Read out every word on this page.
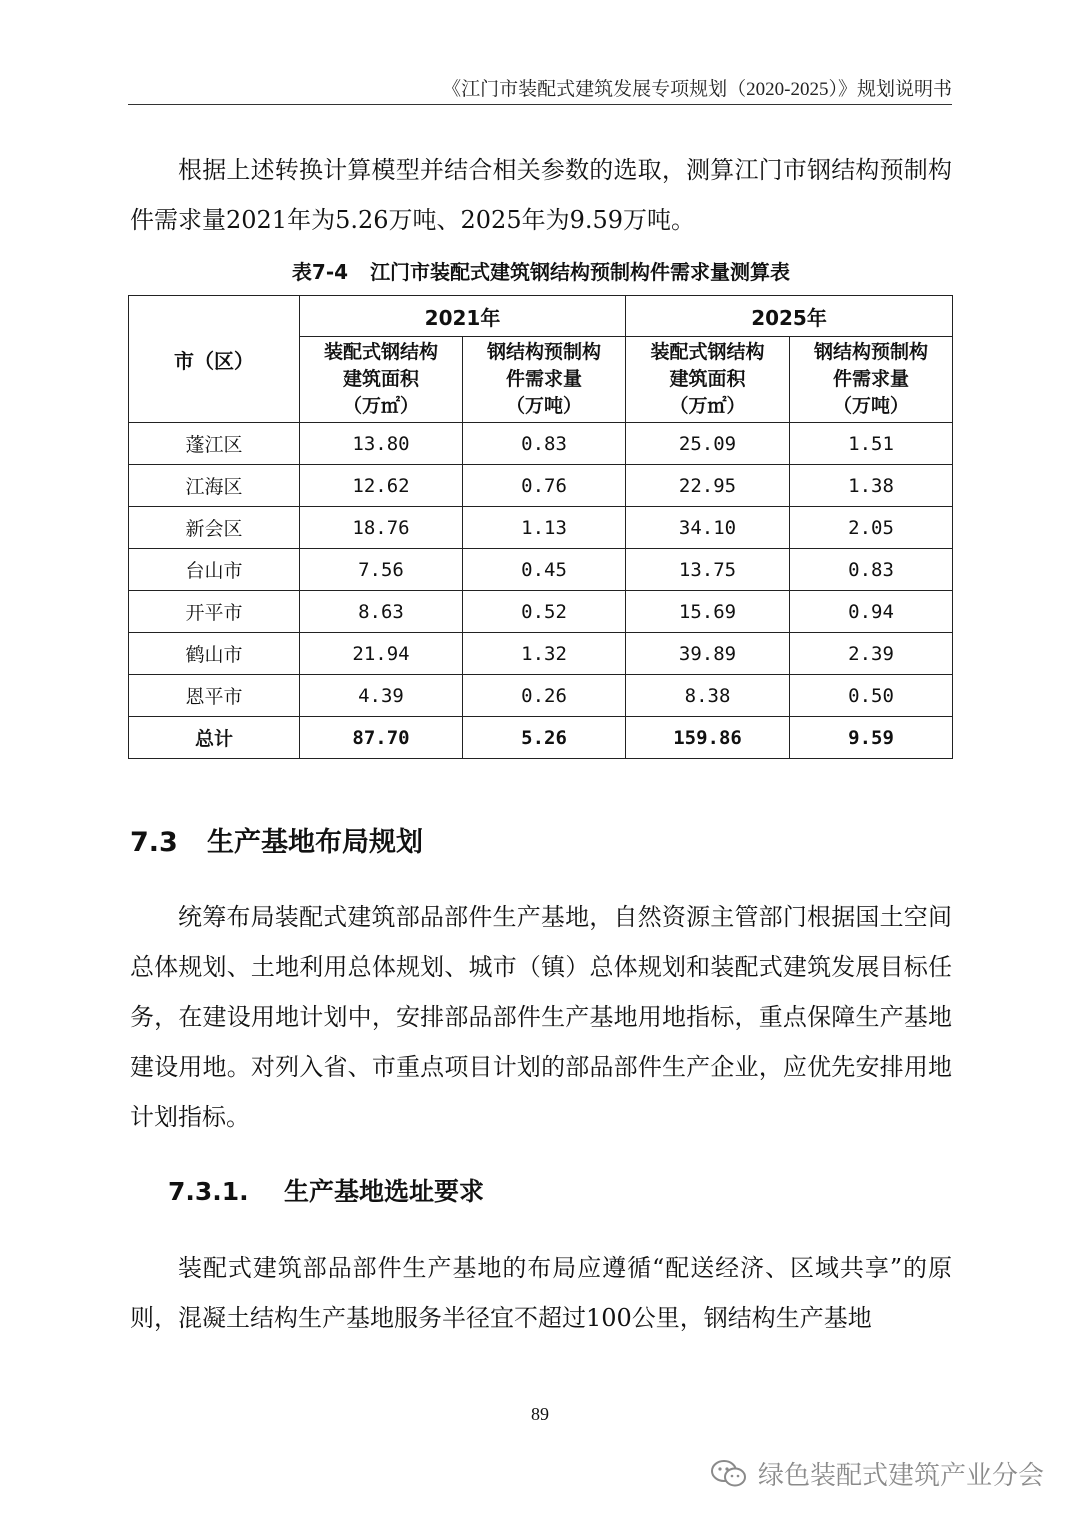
《江门市装配式建筑发展专项规划（2020-2025）》规划说明书

根据上述转换计算模型并结合相关参数的选取，测算江门市钢结构预制构件需求量2021年为5.26万吨、2025年为9.59万吨。

表7-4 江门市装配式建筑钢结构预制构件需求量测算表
市（区）	2021年		2025年	
	装配式钢结构
建筑面积
（万㎡）	钢结构预制构
件需求量
（万吨）	装配式钢结构
建筑面积
（万㎡）	钢结构预制构
件需求量
（万吨）
蓬江区	13.80	0.83	25.09	1.51
江海区	12.62	0.76	22.95	1.38
新会区	18.76	1.13	34.10	2.05
台山市	7.56	0.45	13.75	0.83
开平市	8.63	0.52	15.69	0.94
鹤山市	21.94	1.32	39.89	2.39
恩平市	4.39	0.26	8.38	0.50
总计	87.70	5.26	159.86	9.59
7.3 生产基地布局规划

统筹布局装配式建筑部品部件生产基地，自然资源主管部门根据国土空间总体规划、土地利用总体规划、城市（镇）总体规划和装配式建筑发展目标任务，在建设用地计划中，安排部品部件生产基地用地指标，重点保障生产基地建设用地。对列入省、市重点项目计划的部品部件生产企业，应优先安排用地计划指标。

7.3.1. 生产基地选址要求

装配式建筑部品部件生产基地的布局应遵循“配送经济、区域共享”的原则，混凝土结构生产基地服务半径宜不超过100公里，钢结构生产基地

89
绿色装配式建筑产业分会
